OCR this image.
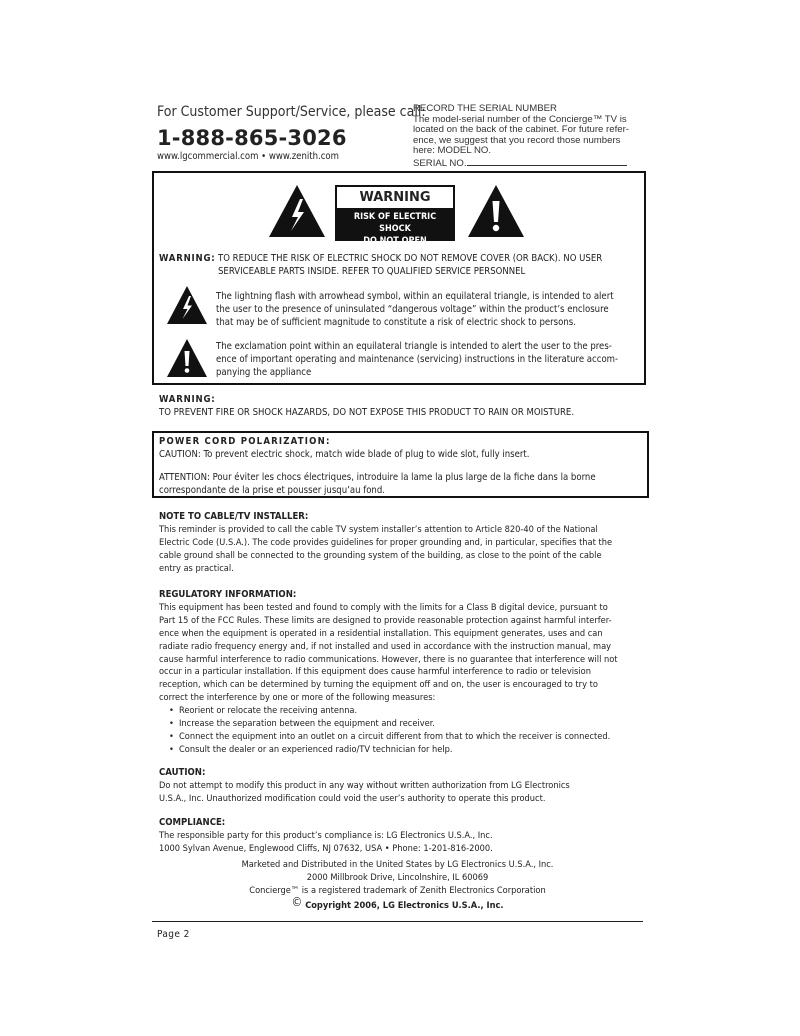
For Customer Support/Service, please call:
1-888-865-3026
www.lgcommercial.com • www.zenith.com
RECORD THE SERIAL NUMBER
The model-serial number of the Concierge™ TV is
located on the back of the cabinet. For future refer-
ence, we suggest that you record those numbers
here: MODEL NO.
SERIAL NO.
WARNING
RISK OF ELECTRIC SHOCK
DO NOT OPEN
WARNING: TO REDUCE THE RISK OF ELECTRIC SHOCK DO NOT REMOVE COVER (OR BACK). NO USER
SERVICEABLE PARTS INSIDE. REFER TO QUALIFIED SERVICE PERSONNEL
The lightning flash with arrowhead symbol, within an equilateral triangle, is intended to alert
the user to the presence of uninsulated “dangerous voltage” within the product’s enclosure
that may be of sufficient magnitude to constitute a risk of electric shock to persons.
The exclamation point within an equilateral triangle is intended to alert the user to the pres-
ence of important operating and maintenance (servicing) instructions in the literature accom-
panying the appliance
WARNING:
TO PREVENT FIRE OR SHOCK HAZARDS, DO NOT EXPOSE THIS PRODUCT TO RAIN OR MOISTURE.
POWER CORD POLARIZATION:
CAUTION: To prevent electric shock, match wide blade of plug to wide slot, fully insert.
ATTENTION: Pour éviter les chocs électriques, introduire la lame la plus large de la fiche dans la borne
correspondante de la prise et pousser jusqu’au fond.
NOTE TO CABLE/TV INSTALLER:
This reminder is provided to call the cable TV system installer’s attention to Article 820-40 of the National
Electric Code (U.S.A.). The code provides guidelines for proper grounding and, in particular, specifies that the
cable ground shall be connected to the grounding system of the building, as close to the point of the cable
entry as practical.
REGULATORY INFORMATION:
This equipment has been tested and found to comply with the limits for a Class B digital device, pursuant to
Part 15 of the FCC Rules. These limits are designed to provide reasonable protection against harmful interfer-
ence when the equipment is operated in a residential installation. This equipment generates, uses and can
radiate radio frequency energy and, if not installed and used in accordance with the instruction manual, may
cause harmful interference to radio communications. However, there is no guarantee that interference will not
occur in a particular installation. If this equipment does cause harmful interference to radio or television
reception, which can be determined by turning the equipment off and on, the user is encouraged to try to
correct the interference by one or more of the following measures:
• Reorient or relocate the receiving antenna.
• Increase the separation between the equipment and receiver.
• Connect the equipment into an outlet on a circuit different from that to which the receiver is connected.
• Consult the dealer or an experienced radio/TV technician for help.
CAUTION:
Do not attempt to modify this product in any way without written authorization from LG Electronics
U.S.A., Inc. Unauthorized modification could void the user’s authority to operate this product.
COMPLIANCE:
The responsible party for this product’s compliance is: LG Electronics U.S.A., Inc.
1000 Sylvan Avenue, Englewood Cliffs, NJ 07632, USA • Phone: 1-201-816-2000.
Marketed and Distributed in the United States by LG Electronics U.S.A., Inc.
2000 Millbrook Drive, Lincolnshire, IL 60069
Concierge™ is a registered trademark of Zenith Electronics Corporation
© Copyright 2006, LG Electronics U.S.A., Inc.
Page 2
